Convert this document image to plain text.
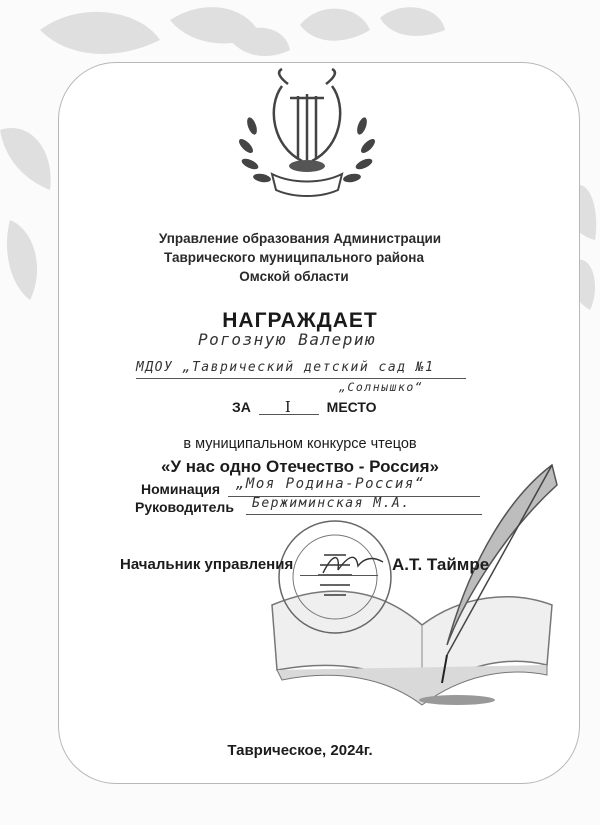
Управление образования Администрации
Таврического муниципального района
Омской области
НАГРАЖДАЕТ
Рогозную Валерию
МДОУ „Таврический детский сад №1
„Солнышко“
ЗА I МЕСТО
в муниципальном конкурсе чтецов
«У нас одно Отечество - Россия»
Номинация „Моя Родина-Россия“
Руководитель Бержиминская М.А.
Начальник управления	А.Т. Таймре
Таврическое, 2024г.
